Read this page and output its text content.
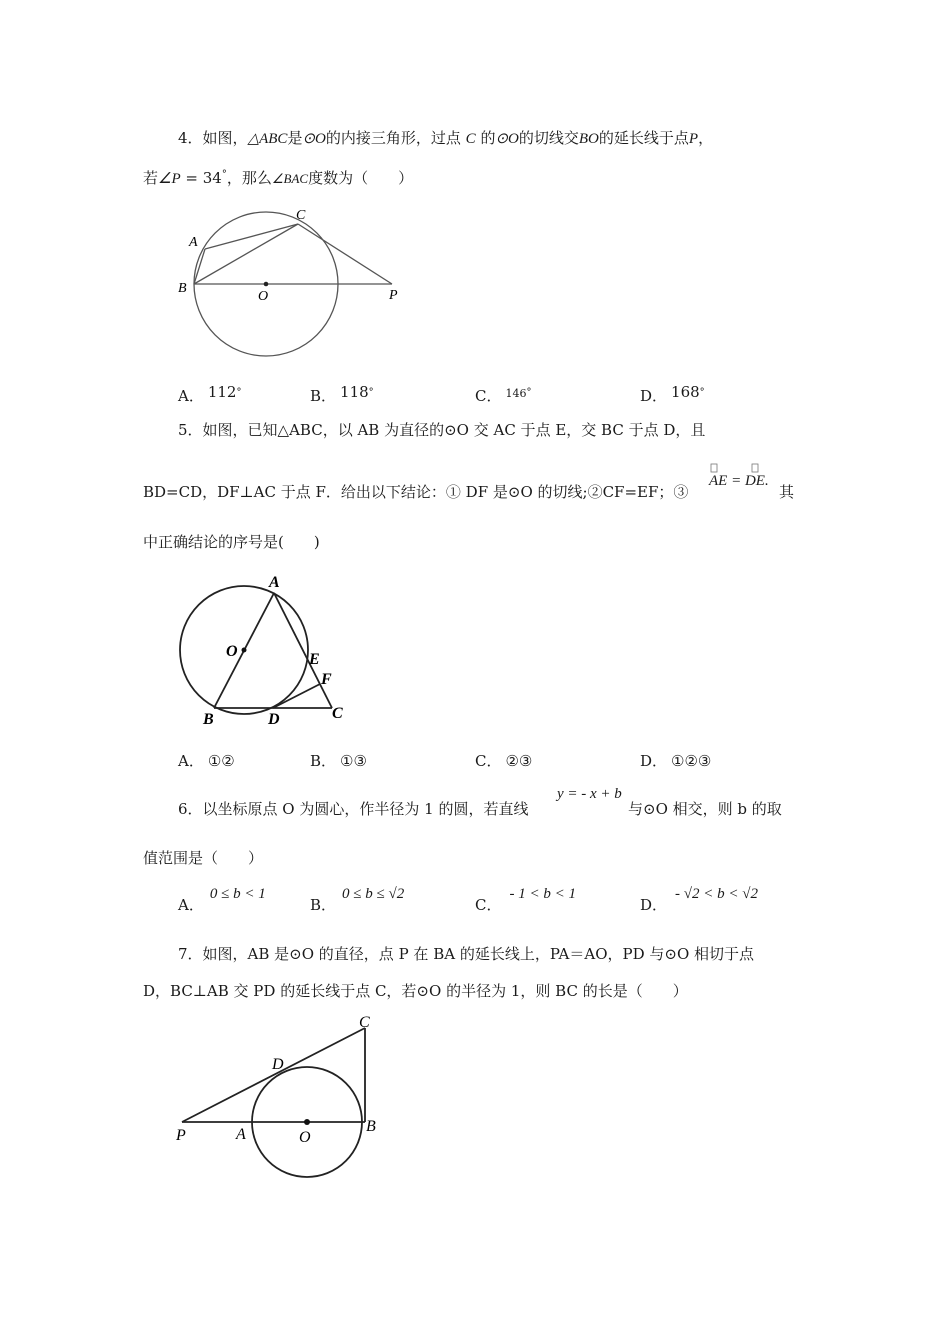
4．如图，△ABC是⊙O的内接三角形，过点 C 的⊙O的切线交BO的延长线于点P，
若∠P = 34°，那么∠BAC度数为（　　）
A
B
C
O	P
A． 112°	B． 118°	C． $^{146^\circ}$	D． 168°
5．如图，已知△ABC，以 AB 为直径的⊙O 交 AC 于点 E，交 BC 于点 D，且
BD=CD，DF⊥AC 于点 F．给出以下结论：① DF 是⊙O 的切线;②CF=EF；③
AE = DE.
其
中正确结论的序号是(　　)
A
O	E
F
B	D	C
A． ①②	B． ①③	C． ②③	D． ①②③
6．以坐标原点 O 为圆心，作半径为 1 的圆，若直线
y = - x + b
与⊙O 相交，则 b 的取
值范围是（　　）
A．0 ≤ b < 1
B．0 ≤ b ≤ √2
C．- 1 < b < 1
D．- √2 < b < √2
7．如图，AB 是⊙O 的直径，点 P 在 BA 的延长线上，PA＝AO，PD 与⊙O 相切于点
D，BC⊥AB 交 PD 的延长线于点 C，若⊙O 的半径为 1，则 BC 的长是（　　）
C
D
P	A	O
B
